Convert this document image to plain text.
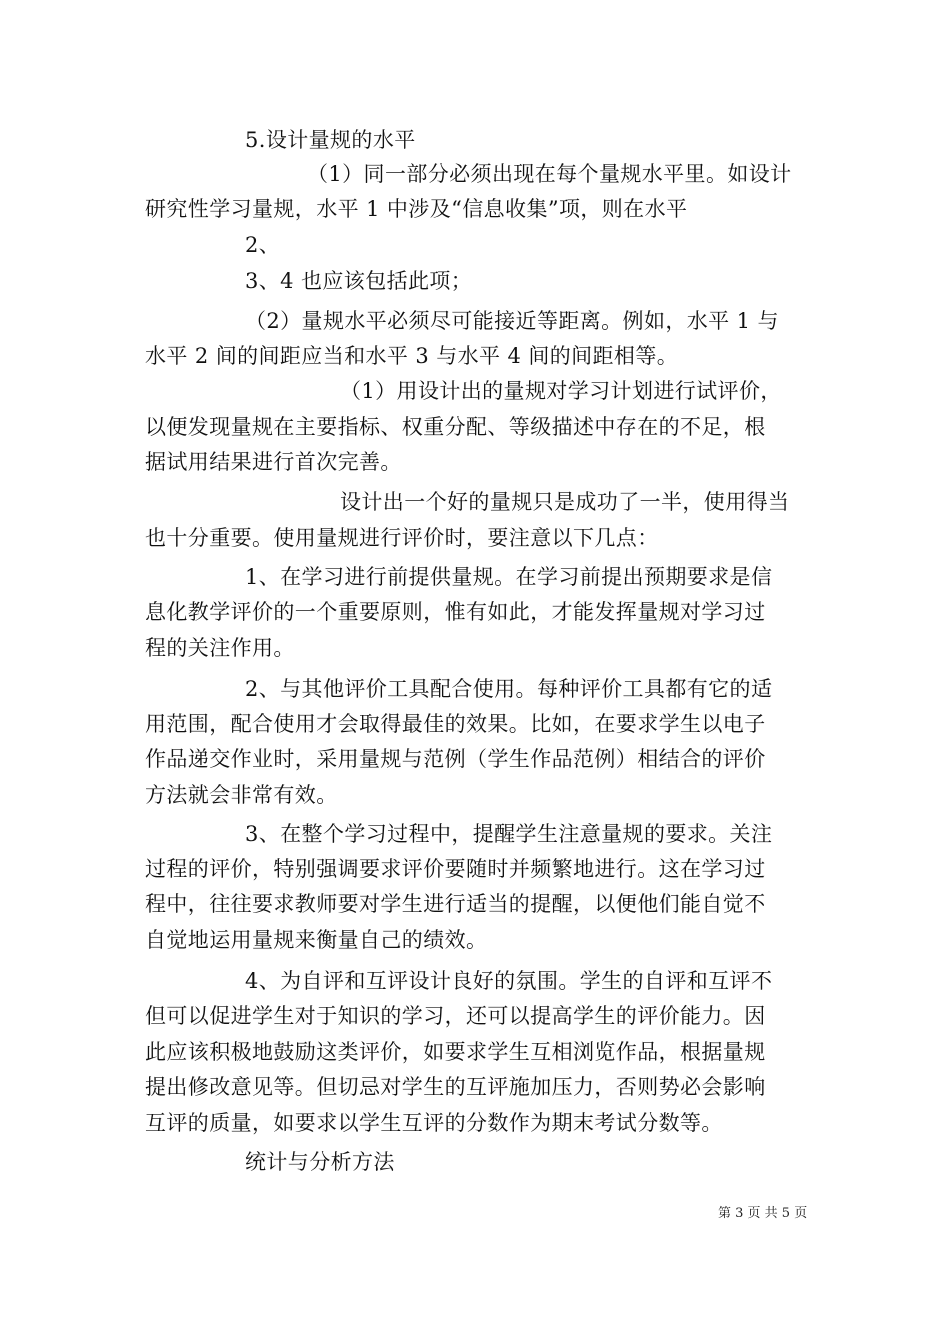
5.设计量规的水平
（1）同一部分必须出现在每个量规水平里。如设计
研究性学习量规，水平 1 中涉及“信息收集”项，则在水平
2、
3、4 也应该包括此项；
（2）量规水平必须尽可能接近等距离。例如，水平 1 与
水平 2 间的间距应当和水平 3 与水平 4 间的间距相等。
（1）用设计出的量规对学习计划进行试评价，
以便发现量规在主要指标、权重分配、等级描述中存在的不足，根
据试用结果进行首次完善。
设计出一个好的量规只是成功了一半，使用得当
也十分重要。使用量规进行评价时，要注意以下几点：
1、在学习进行前提供量规。在学习前提出预期要求是信
息化教学评价的一个重要原则，惟有如此，才能发挥量规对学习过
程的关注作用。
2、与其他评价工具配合使用。每种评价工具都有它的适
用范围，配合使用才会取得最佳的效果。比如，在要求学生以电子
作品递交作业时，采用量规与范例（学生作品范例）相结合的评价
方法就会非常有效。
3、在整个学习过程中，提醒学生注意量规的要求。关注
过程的评价，特别强调要求评价要随时并频繁地进行。这在学习过
程中，往往要求教师要对学生进行适当的提醒，以便他们能自觉不
自觉地运用量规来衡量自己的绩效。
4、为自评和互评设计良好的氛围。学生的自评和互评不
但可以促进学生对于知识的学习，还可以提高学生的评价能力。因
此应该积极地鼓励这类评价，如要求学生互相浏览作品，根据量规
提出修改意见等。但切忌对学生的互评施加压力，否则势必会影响
互评的质量，如要求以学生互评的分数作为期末考试分数等。
统计与分析方法
第 3 页 共 5 页
